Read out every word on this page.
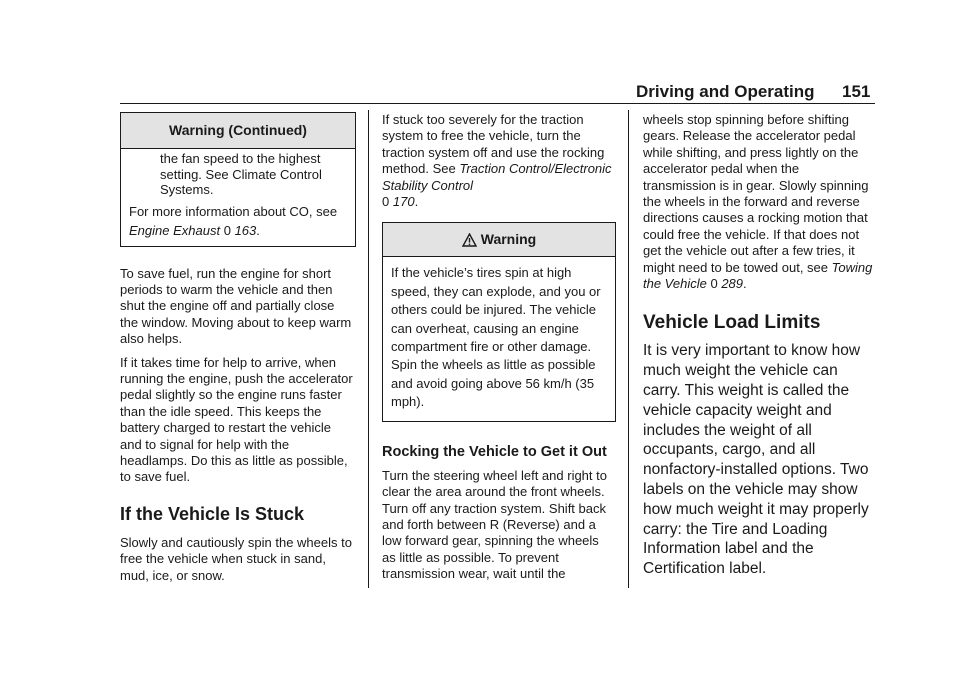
Driving and Operating 151
Warning (Continued)

the fan speed to the highest setting. See Climate Control Systems.

For more information about CO, see Engine Exhaust 0 163.

To save fuel, run the engine for short periods to warm the vehicle and then shut the engine off and partially close the window. Moving about to keep warm also helps.

If it takes time for help to arrive, when running the engine, push the accelerator pedal slightly so the engine runs faster than the idle speed. This keeps the battery charged to restart the vehicle and to signal for help with the headlamps. Do this as little as possible, to save fuel.

If the Vehicle Is Stuck

Slowly and cautiously spin the wheels to free the vehicle when stuck in sand, mud, ice, or snow.

If stuck too severely for the traction system to free the vehicle, turn the traction system off and use the rocking method. See Traction Control/Electronic Stability Control
0 170.

Warning

If the vehicle’s tires spin at high speed, they can explode, and you or others could be injured. The vehicle can overheat, causing an engine compartment fire or other damage. Spin the wheels as little as possible and avoid going above 56 km/h (35 mph).

Rocking the Vehicle to Get it Out

Turn the steering wheel left and right to clear the area around the front wheels. Turn off any traction system. Shift back and forth between R (Reverse) and a low forward gear, spinning the wheels as little as possible. To prevent transmission wear, wait until the

wheels stop spinning before shifting gears. Release the accelerator pedal while shifting, and press lightly on the accelerator pedal when the transmission is in gear. Slowly spinning the wheels in the forward and reverse directions causes a rocking motion that could free the vehicle. If that does not get the vehicle out after a few tries, it might need to be towed out, see Towing the Vehicle 0 289.

Vehicle Load Limits

It is very important to know how much weight the vehicle can carry. This weight is called the vehicle capacity weight and includes the weight of all occupants, cargo, and all nonfactory-installed options. Two labels on the vehicle may show how much weight it may properly carry: the Tire and Loading Information label and the Certification label.
